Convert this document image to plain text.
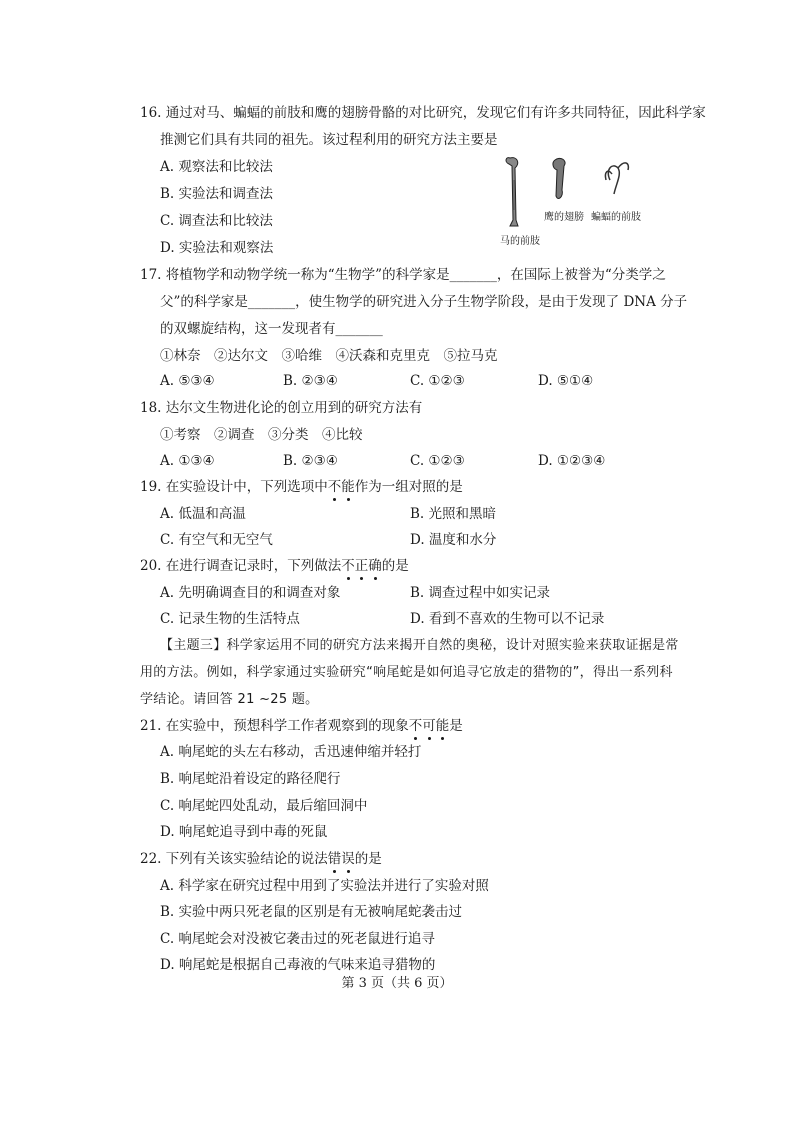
16. 通过对马、蝙蝠的前肢和鹰的翅膀骨骼的对比研究，发现它们有许多共同特征，因此科学家
推测它们具有共同的祖先。该过程利用的研究方法主要是
A. 观察法和比较法
B. 实验法和调查法
C. 调查法和比较法
D. 实验法和观察法	马的前肢
鹰的翅膀 蝙蝠的前肢
17. 将植物学和动物学统一称为“生物学”的科学家是_______，在国际上被誉为“分类学之
父”的科学家是_______，使生物学的研究进入分子生物学阶段，是由于发现了 DNA 分子
的双螺旋结构，这一发现者有_______
①林奈　②达尔文　③哈维　④沃森和克里克　⑤拉马克
A. ⑤③④	B. ②③④	C. ①②③	D. ⑤①④
18. 达尔文生物进化论的创立用到的研究方法有
①考察　②调查　③分类　④比较
A. ①③④	B. ②③④	C. ①②③	D. ①②③④
19. 在实验设计中，下列选项中不能作为一组对照的是
A. 低温和高温	B. 光照和黑暗
C. 有空气和无空气	D. 温度和水分
20. 在进行调查记录时，下列做法不正确的是
A. 先明确调查目的和调查对象	B. 调查过程中如实记录
C. 记录生物的生活特点	D. 看到不喜欢的生物可以不记录
【主题三】科学家运用不同的研究方法来揭开自然的奥秘，设计对照实验来获取证据是常
用的方法。例如，科学家通过实验研究“响尾蛇是如何追寻它放走的猎物的”，得出一系列科
学结论。请回答 21 ~25 题。
21. 在实验中，预想科学工作者观察到的现象不可能是
A. 响尾蛇的头左右移动，舌迅速伸缩并轻打
B. 响尾蛇沿着设定的路径爬行
C. 响尾蛇四处乱动，最后缩回洞中
D. 响尾蛇追寻到中毒的死鼠
22. 下列有关该实验结论的说法错误的是
A. 科学家在研究过程中用到了实验法并进行了实验对照
B. 实验中两只死老鼠的区别是有无被响尾蛇袭击过
C. 响尾蛇会对没被它袭击过的死老鼠进行追寻
D. 响尾蛇是根据自己毒液的气味来追寻猎物的
第 3 页（共 6 页）
